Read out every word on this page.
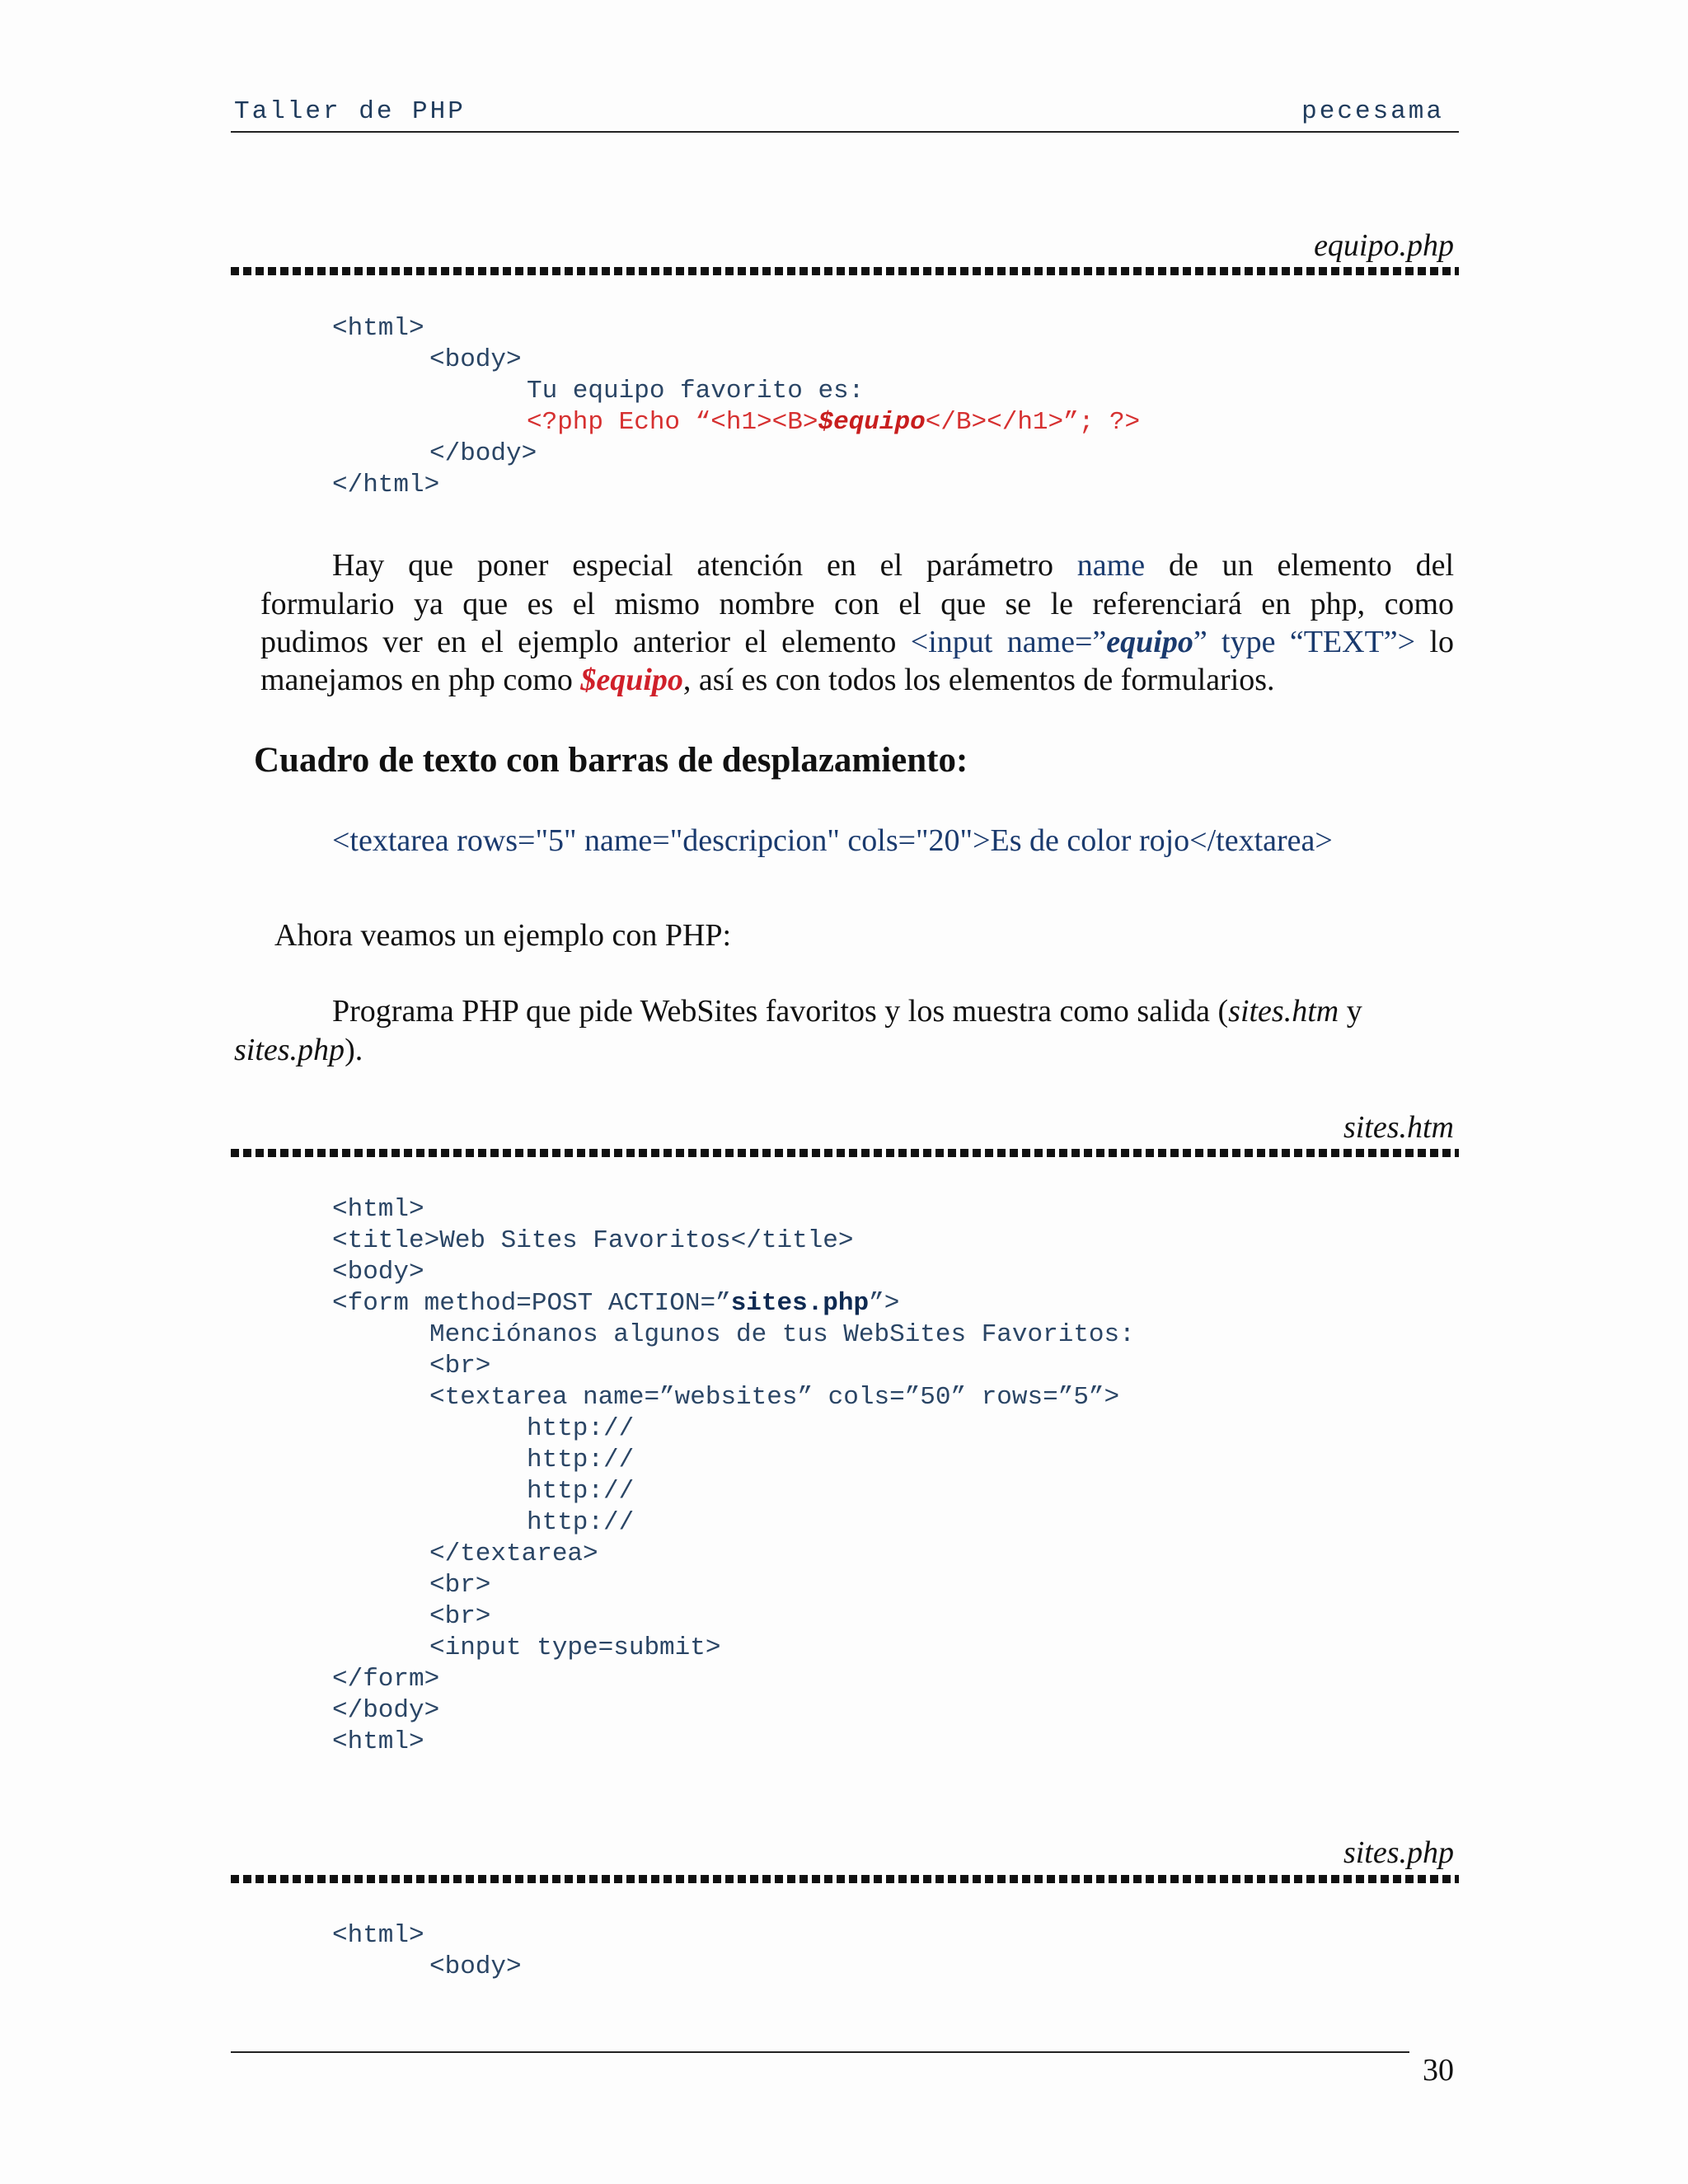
Taller de PHP	pecesama
equipo.php

<html>

<body>

Tu equipo favorito es:

<?php Echo “<h1><B>$equipo</B></h1>”; ?>

</body>

</html>

Hay que poner especial atención en el parámetro name de un elemento del
formulario ya que es el mismo nombre con el que se le referenciará en php, como
pudimos ver en el ejemplo anterior el elemento <input name=”equipo” type “TEXT”> lo
manejamos en php como $equipo, así es con todos los elementos de formularios.
Cuadro de texto con barras de desplazamiento:
<textarea rows="5" name="descripcion" cols="20">Es de color rojo</textarea>
Ahora veamos un ejemplo con PHP:
Programa PHP que pide WebSites favoritos y los muestra como salida (sites.htm y
sites.php).
sites.htm

<html>

<title>Web Sites Favoritos</title>

<body>

<form method=POST ACTION=”sites.php”>

Menciónanos algunos de tus WebSites Favoritos:

<br>

<textarea name=”websites” cols=”50” rows=”5”>

http://

http://

http://

http://

</textarea>

<br>

<br>

<input type=submit>

</form>

</body>

<html>

sites.php

<html>

<body>

30
